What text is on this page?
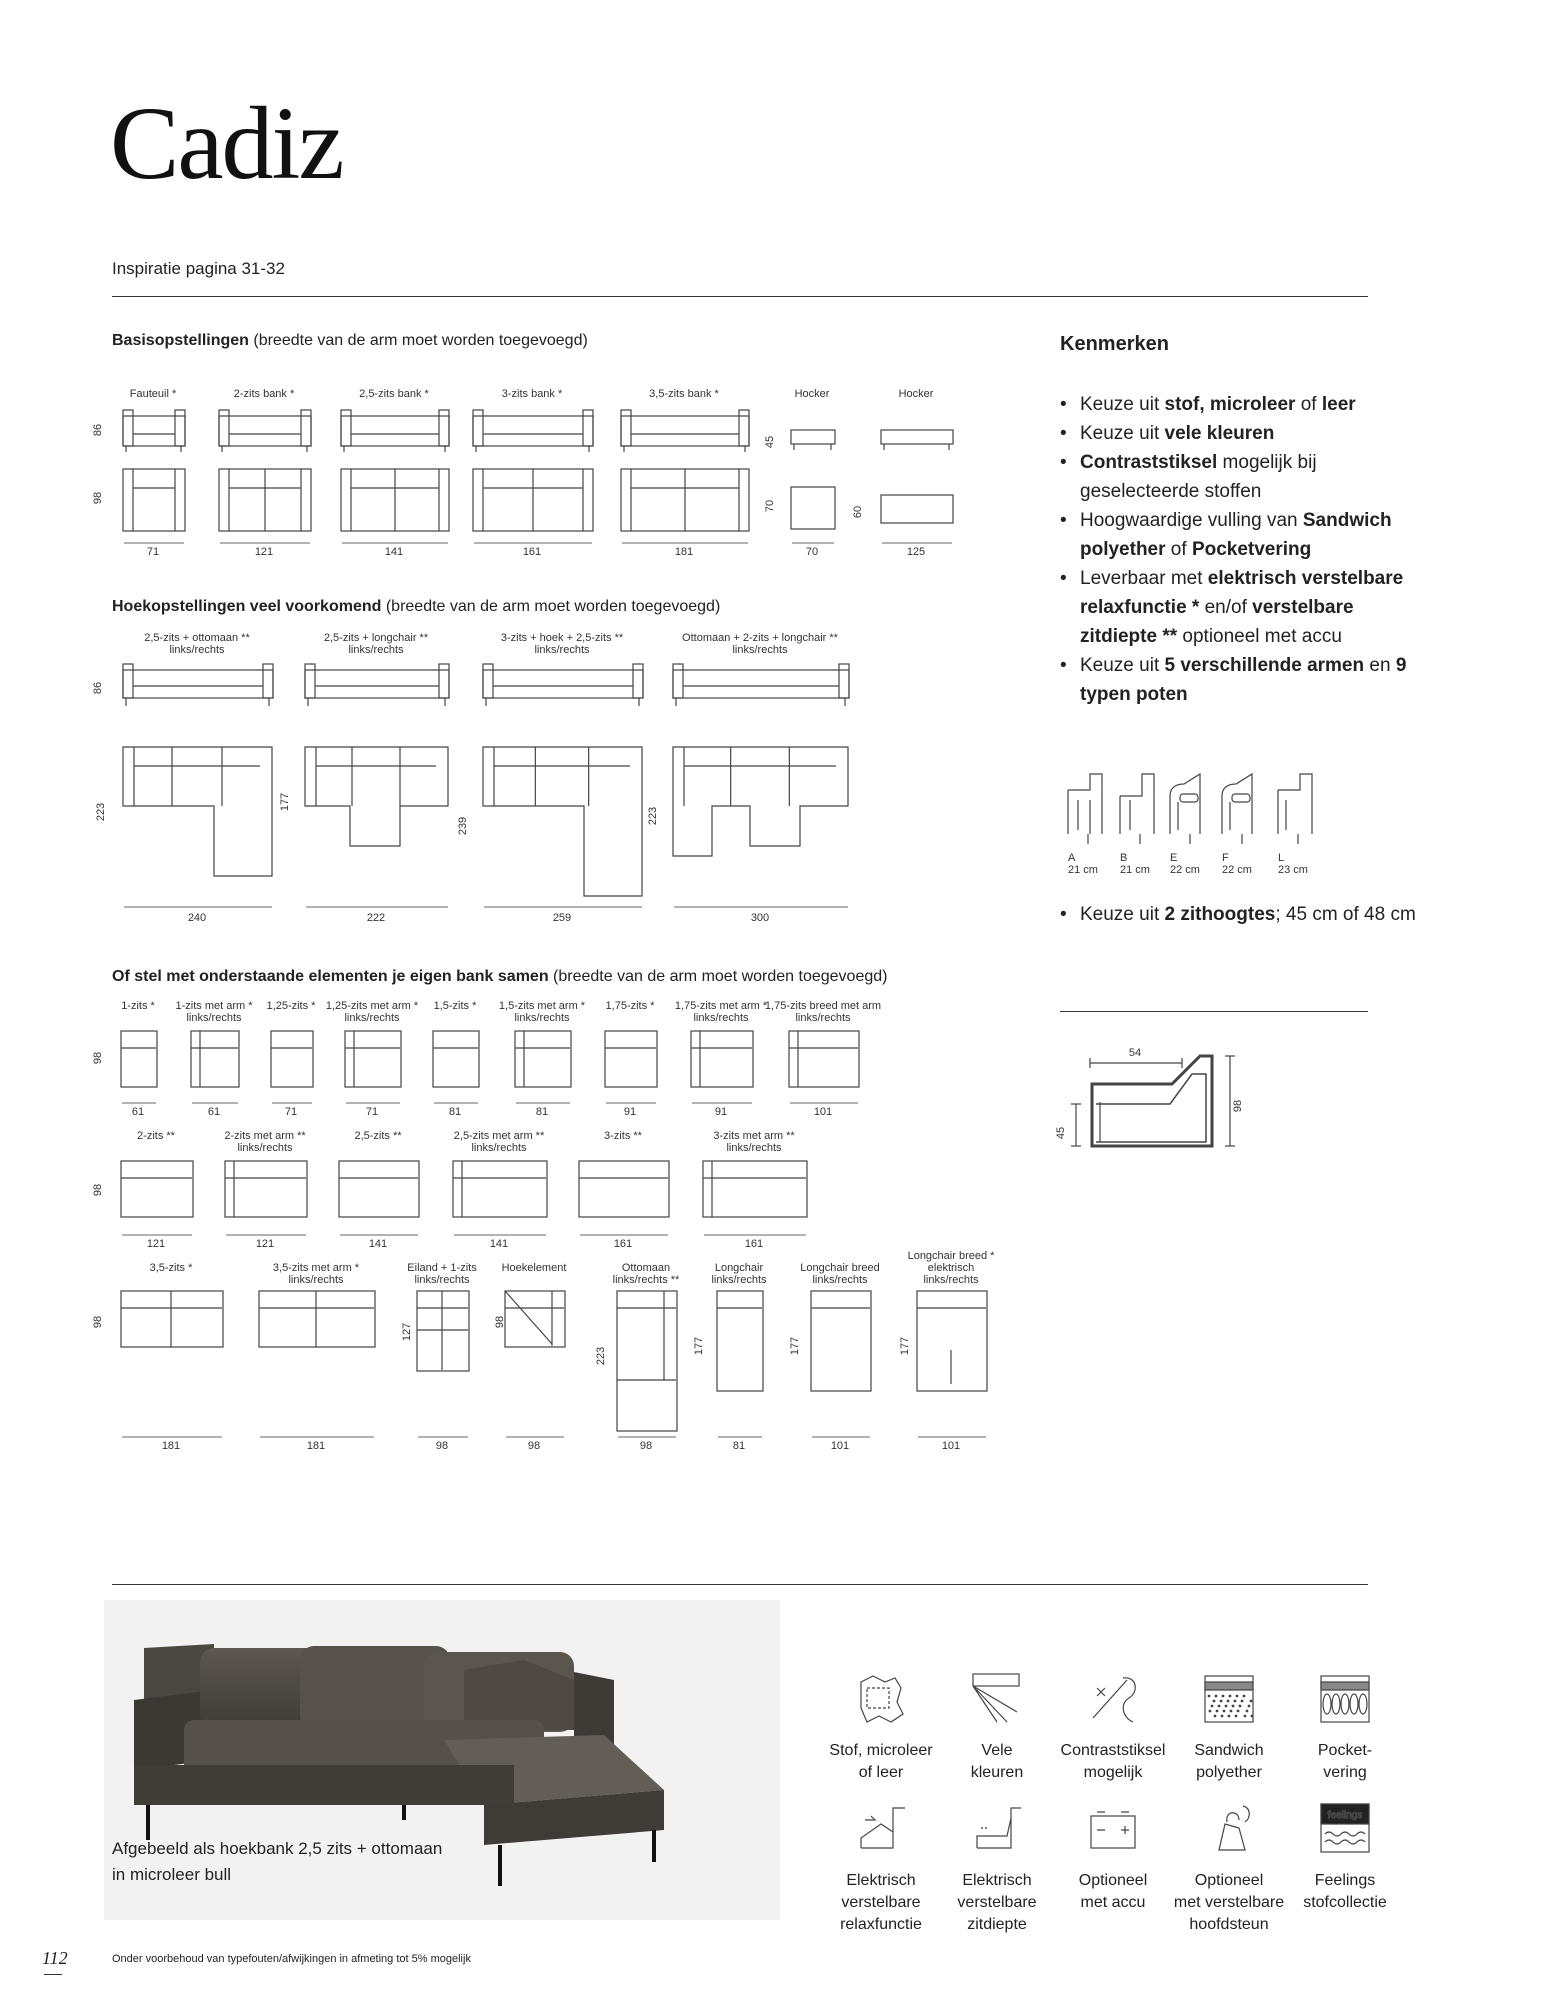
Cadiz
Inspiratie pagina 31-32
Basisopstellingen (breedte van de arm moet worden toegevoegd)
Fauteuil *
71
2-zits bank *
121
2,5-zits bank *
141
3-zits bank *
161
3,5-zits bank *
181
Hocker
70
Hocker
125
86
98
45
70	60
Hoekopstellingen veel voorkomend (breedte van de arm moet worden toegevoegd)
2,5-zits + ottomaan **
links/rechts
240
2,5-zits + longchair **
links/rechts
222
3-zits + hoek + 2,5-zits **
links/rechts
259
Ottomaan + 2-zits + longchair **
links/rechts
300
86
223
177
239
223
Of stel met onderstaande elementen je eigen bank samen (breedte van de arm moet worden toegevoegd)
1-zits *
61
1-zits met arm *
links/rechts
61
1,25-zits *
71
1,25-zits met arm *
links/rechts
71
1,5-zits *
81
1,5-zits met arm *
links/rechts
81
1,75-zits *
91
1,75-zits met arm *
links/rechts
91
1,75-zits breed met arm
links/rechts
101
2-zits **
121
2-zits met arm **
links/rechts
121
2,5-zits **
141
2,5-zits met arm **
links/rechts
141
3-zits **
161
3-zits met arm **
links/rechts
161
98
98
3,5-zits *
181
3,5-zits met arm *
links/rechts
181
Eiland + 1-zits
links/rechts
98
Hoekelement
98
Ottomaan
links/rechts **
98
Longchair
links/rechts
81
Longchair breed
links/rechts
101
Longchair breed *
elektrisch
links/rechts
101
98
127
98
223
177	177	177
Kenmerken
• Keuze uit stof, microleer of leer
• Keuze uit vele kleuren
• Contraststiksel mogelijk bij geselecteerde stoffen
• Hoogwaardige vulling van Sandwich polyether of Pocketvering
• Leverbaar met elektrisch verstelbare relaxfunctie * en/of verstelbare zitdiepte ** optioneel met accu
• Keuze uit 5 verschillende armen en 9 typen poten
A
21 cm
B
21 cm
E
22 cm
F
22 cm
L
23 cm
• Keuze uit 2 zithoogtes; 45 cm of 48 cm
54
45
98
Afgebeeld als hoekbank 2,5 zits + ottomaan
in microleer bull
Stof, microleer
of leer
Vele
kleuren
Contraststiksel
mogelijk
Sandwich
polyether
Pocket-
vering
Elektrisch
verstelbare
relaxfunctie
Elektrisch
verstelbare
zitdiepte
Optioneel
met accu
Optioneel
met verstelbare
hoofdsteun
feelings
Feelings
stofcollectie
Onder voorbehoud van typefouten/afwijkingen in afmeting tot 5% mogelijk
112
